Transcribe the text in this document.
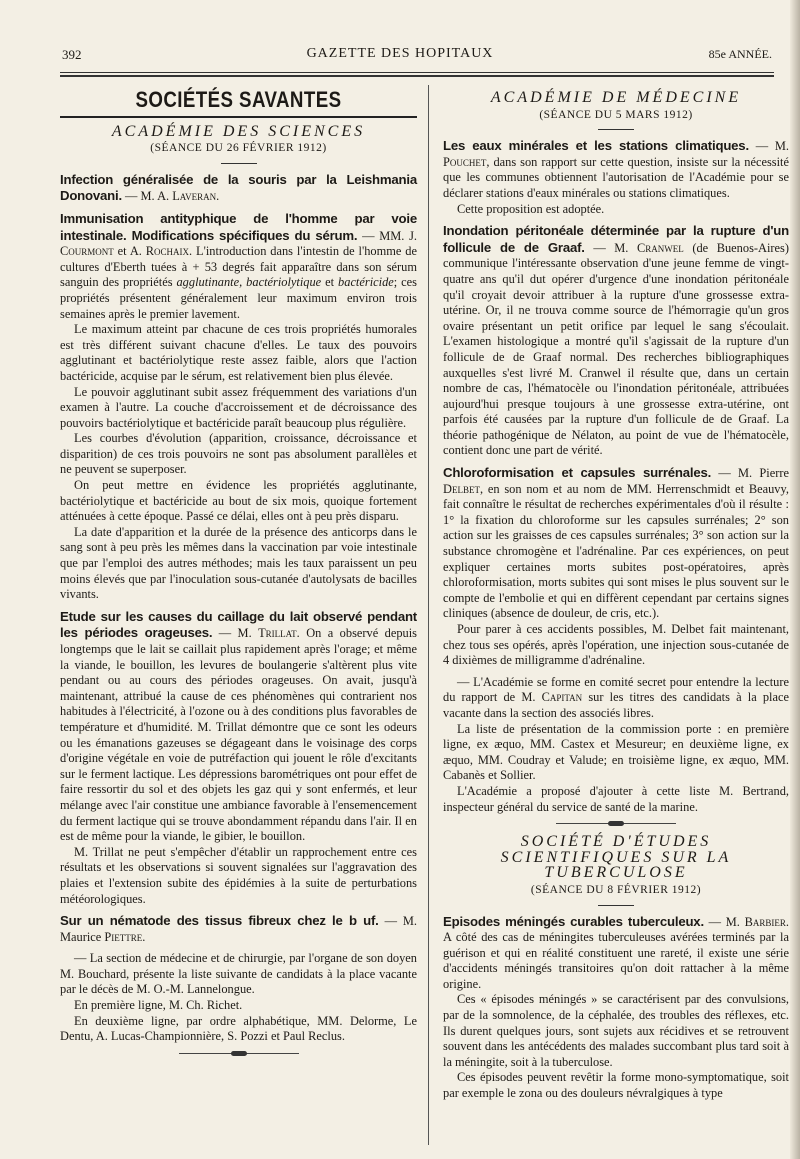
392	GAZETTE DES HOPITAUX	85e ANNÉE.
SOCIÉTÉS SAVANTES
ACADÉMIE DES SCIENCES
(SÉANCE DU 26 FÉVRIER 1912)

Infection généralisée de la souris par la Leishmania Donovani. — M. A. Laveran.

Immunisation antityphique de l'homme par voie intestinale. Modifications spécifiques du sérum. — MM. J. Courmont et A. Rochaix. L'introduction dans l'intestin de l'homme de cultures d'Eberth tuées à + 53 degrés fait apparaître dans son sérum sanguin des propriétés agglutinante, bactériolytique et bactéricide; ces propriétés présentent généralement leur maximum environ trois semaines après le premier lavement.

Le maximum atteint par chacune de ces trois propriétés humorales est très différent suivant chacune d'elles. Le taux des pouvoirs agglutinant et bactériolytique reste assez faible, alors que l'action bactéricide, acquise par le sérum, est relativement bien plus élevée.

Le pouvoir agglutinant subit assez fréquemment des variations d'un examen à l'autre. La couche d'accroissement et de décroissance des pouvoirs bactériolytique et bactéricide paraît beaucoup plus régulière.

Les courbes d'évolution (apparition, croissance, décroissance et disparition) de ces trois pouvoirs ne sont pas absolument parallèles et ne peuvent se superposer.

On peut mettre en évidence les propriétés agglutinante, bactériolytique et bactéricide au bout de six mois, quoique fortement atténuées à cette époque. Passé ce délai, elles ont à peu près disparu.

La date d'apparition et la durée de la présence des anticorps dans le sang sont à peu près les mêmes dans la vaccination par voie intestinale que par l'emploi des autres méthodes; mais les taux paraissent un peu moins élevés que par l'inoculation sous-cutanée d'autolysats de bacilles vivants.

Etude sur les causes du caillage du lait observé pendant les périodes orageuses. — M. Trillat. On a observé depuis longtemps que le lait se caillait plus rapidement après l'orage; et même la viande, le bouillon, les levures de boulangerie s'altèrent plus vite pendant ou au cours des périodes orageuses. On avait, jusqu'à maintenant, attribué la cause de ces phénomènes qui contrarient nos habitudes à l'électricité, à l'ozone ou à des conditions plus favorables de température et d'humidité. M. Trillat démontre que ce sont les odeurs ou les émanations gazeuses se dégageant dans le voisinage des corps d'origine végétale en voie de putréfaction qui jouent le rôle d'excitants sur le ferment lactique. Les dépressions barométriques ont pour effet de faire ressortir du sol et des objets les gaz qui y sont enfermés, et leur mélange avec l'air constitue une ambiance favorable à l'ensemencement du ferment lactique qui se trouve abondamment répandu dans l'air. Il en est de même pour la viande, le gibier, le bouillon.

M. Trillat ne peut s'empêcher d'établir un rapprochement entre ces résultats et les observations si souvent signalées sur l'aggravation des plaies et l'extension subite des épidémies à la suite de perturbations météorologiques.

Sur un nématode des tissus fibreux chez le b uf. — M. Maurice Piettre.

— La section de médecine et de chirurgie, par l'organe de son doyen M. Bouchard, présente la liste suivante de candidats à la place vacante par le décès de M. O.-M. Lannelongue.

En première ligne, M. Ch. Richet.

En deuxième ligne, par ordre alphabétique, MM. Delorme, Le Dentu, A. Lucas-Championnière, S. Pozzi et Paul Reclus.

ACADÉMIE DE MÉDECINE
(SÉANCE DU 5 MARS 1912)

Les eaux minérales et les stations climatiques. — M. Pouchet, dans son rapport sur cette question, insiste sur la nécessité que les communes obtiennent l'autorisation de l'Académie pour se déclarer stations d'eaux minérales ou stations climatiques.

Cette proposition est adoptée.

Inondation péritonéale déterminée par la rupture d'un follicule de de Graaf. — M. Cranwel (de Buenos-Aires) communique l'intéressante observation d'une jeune femme de vingt-quatre ans qu'il dut opérer d'urgence d'une inondation péritonéale qu'il croyait devoir attribuer à la rupture d'une grossesse extra-utérine. Or, il ne trouva comme source de l'hémorragie qu'un gros ovaire présentant un petit orifice par lequel le sang s'écoulait. L'examen histologique a montré qu'il s'agissait de la rupture d'un follicule de de Graaf normal. Des recherches bibliographiques auxquelles s'est livré M. Cranwel il résulte que, dans un certain nombre de cas, l'hématocèle ou l'inondation péritonéale, attribuées aujourd'hui presque toujours à une grossesse extra-utérine, ont parfois été causées par la rupture d'un follicule de de Graaf. La théorie pathogénique de Nélaton, au point de vue de l'hématocèle, contient donc une part de vérité.

Chloroformisation et capsules surrénales. — M. Pierre Delbet, en son nom et au nom de MM. Herrenschmidt et Beauvy, fait connaître le résultat de recherches expérimentales d'où il résulte : 1° la fixation du chloroforme sur les capsules surrénales; 2° son action sur les graisses de ces capsules surrénales; 3° son action sur la substance chromogène et l'adrénaline. Par ces expériences, on peut expliquer certaines morts subites post-opératoires, après chloroformisation, morts subites qui sont mises le plus souvent sur le compte de l'embolie et qui en diffèrent cependant par certains signes cliniques (absence de douleur, de cris, etc.).

Pour parer à ces accidents possibles, M. Delbet fait maintenant, chez tous ses opérés, après l'opération, une injection sous-cutanée de 4 dixièmes de milligramme d'adrénaline.

— L'Académie se forme en comité secret pour entendre la lecture du rapport de M. Capitan sur les titres des candidats à la place vacante dans la section des associés libres.

La liste de présentation de la commission porte : en première ligne, ex æquo, MM. Castex et Mesureur; en deuxième ligne, ex æquo, MM. Coudray et Valude; en troisième ligne, ex æquo, MM. Cabanès et Sollier.

L'Académie a proposé d'ajouter à cette liste M. Bertrand, inspecteur général du service de santé de la marine.

SOCIÉTÉ D'ÉTUDES SCIENTIFIQUES SUR LA TUBERCULOSE
(SÉANCE DU 8 FÉVRIER 1912)

Episodes méningés curables tuberculeux. — M. Barbier. A côté des cas de méningites tuberculeuses avérées terminés par la guérison et qui en réalité constituent une rareté, il existe une série d'accidents méningés transitoires qu'on doit rattacher à la même origine.

Ces « épisodes méningés » se caractérisent par des convulsions, par de la somnolence, de la céphalée, des troubles des réflexes, etc. Ils durent quelques jours, sont sujets aux récidives et se retrouvent souvent dans les antécédents des malades succombant plus tard soit à la méningite, soit à la tuberculose.

Ces épisodes peuvent revêtir la forme mono-symptomatique, soit par exemple le zona ou des douleurs névralgiques à type
